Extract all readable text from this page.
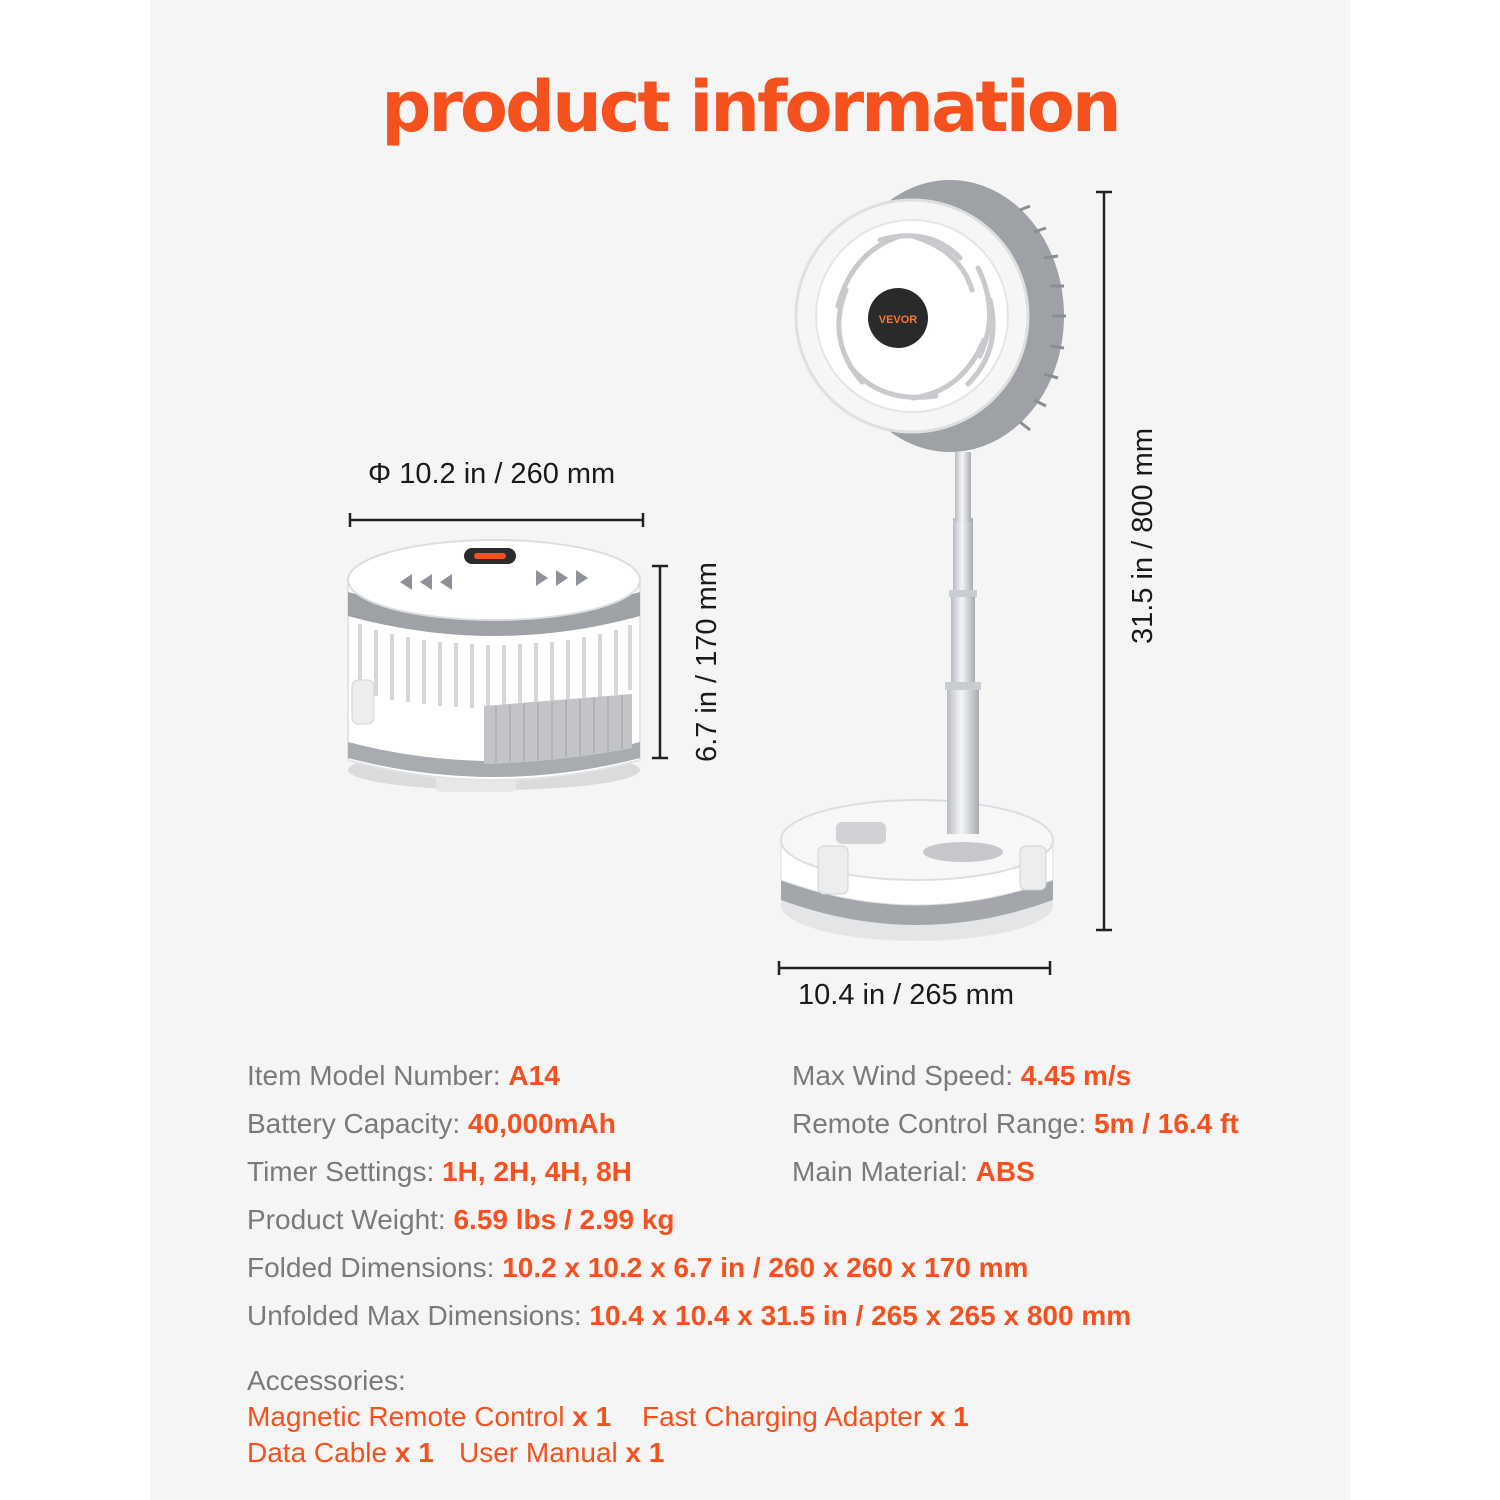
product information
VEVOR
Φ 10.2 in / 260 mm
6.7 in / 170 mm
31.5 in / 800 mm
10.4 in / 265 mm
Item Model Number: A14
Battery Capacity: 40,000mAh
Timer Settings: 1H, 2H, 4H, 8H
Product Weight: 6.59 lbs / 2.99 kg
Folded Dimensions: 10.2 x 10.2 x 6.7 in / 260 x 260 x 170 mm
Unfolded Max Dimensions: 10.4 x 10.4 x 31.5 in / 265 x 265 x 800 mm
Max Wind Speed: 4.45 m/s
Remote Control Range: 5m / 16.4 ft
Main Material: ABS
Accessories:
Magnetic Remote Control x 1 Fast Charging Adapter x 1
Data Cable x 1 User Manual x 1
